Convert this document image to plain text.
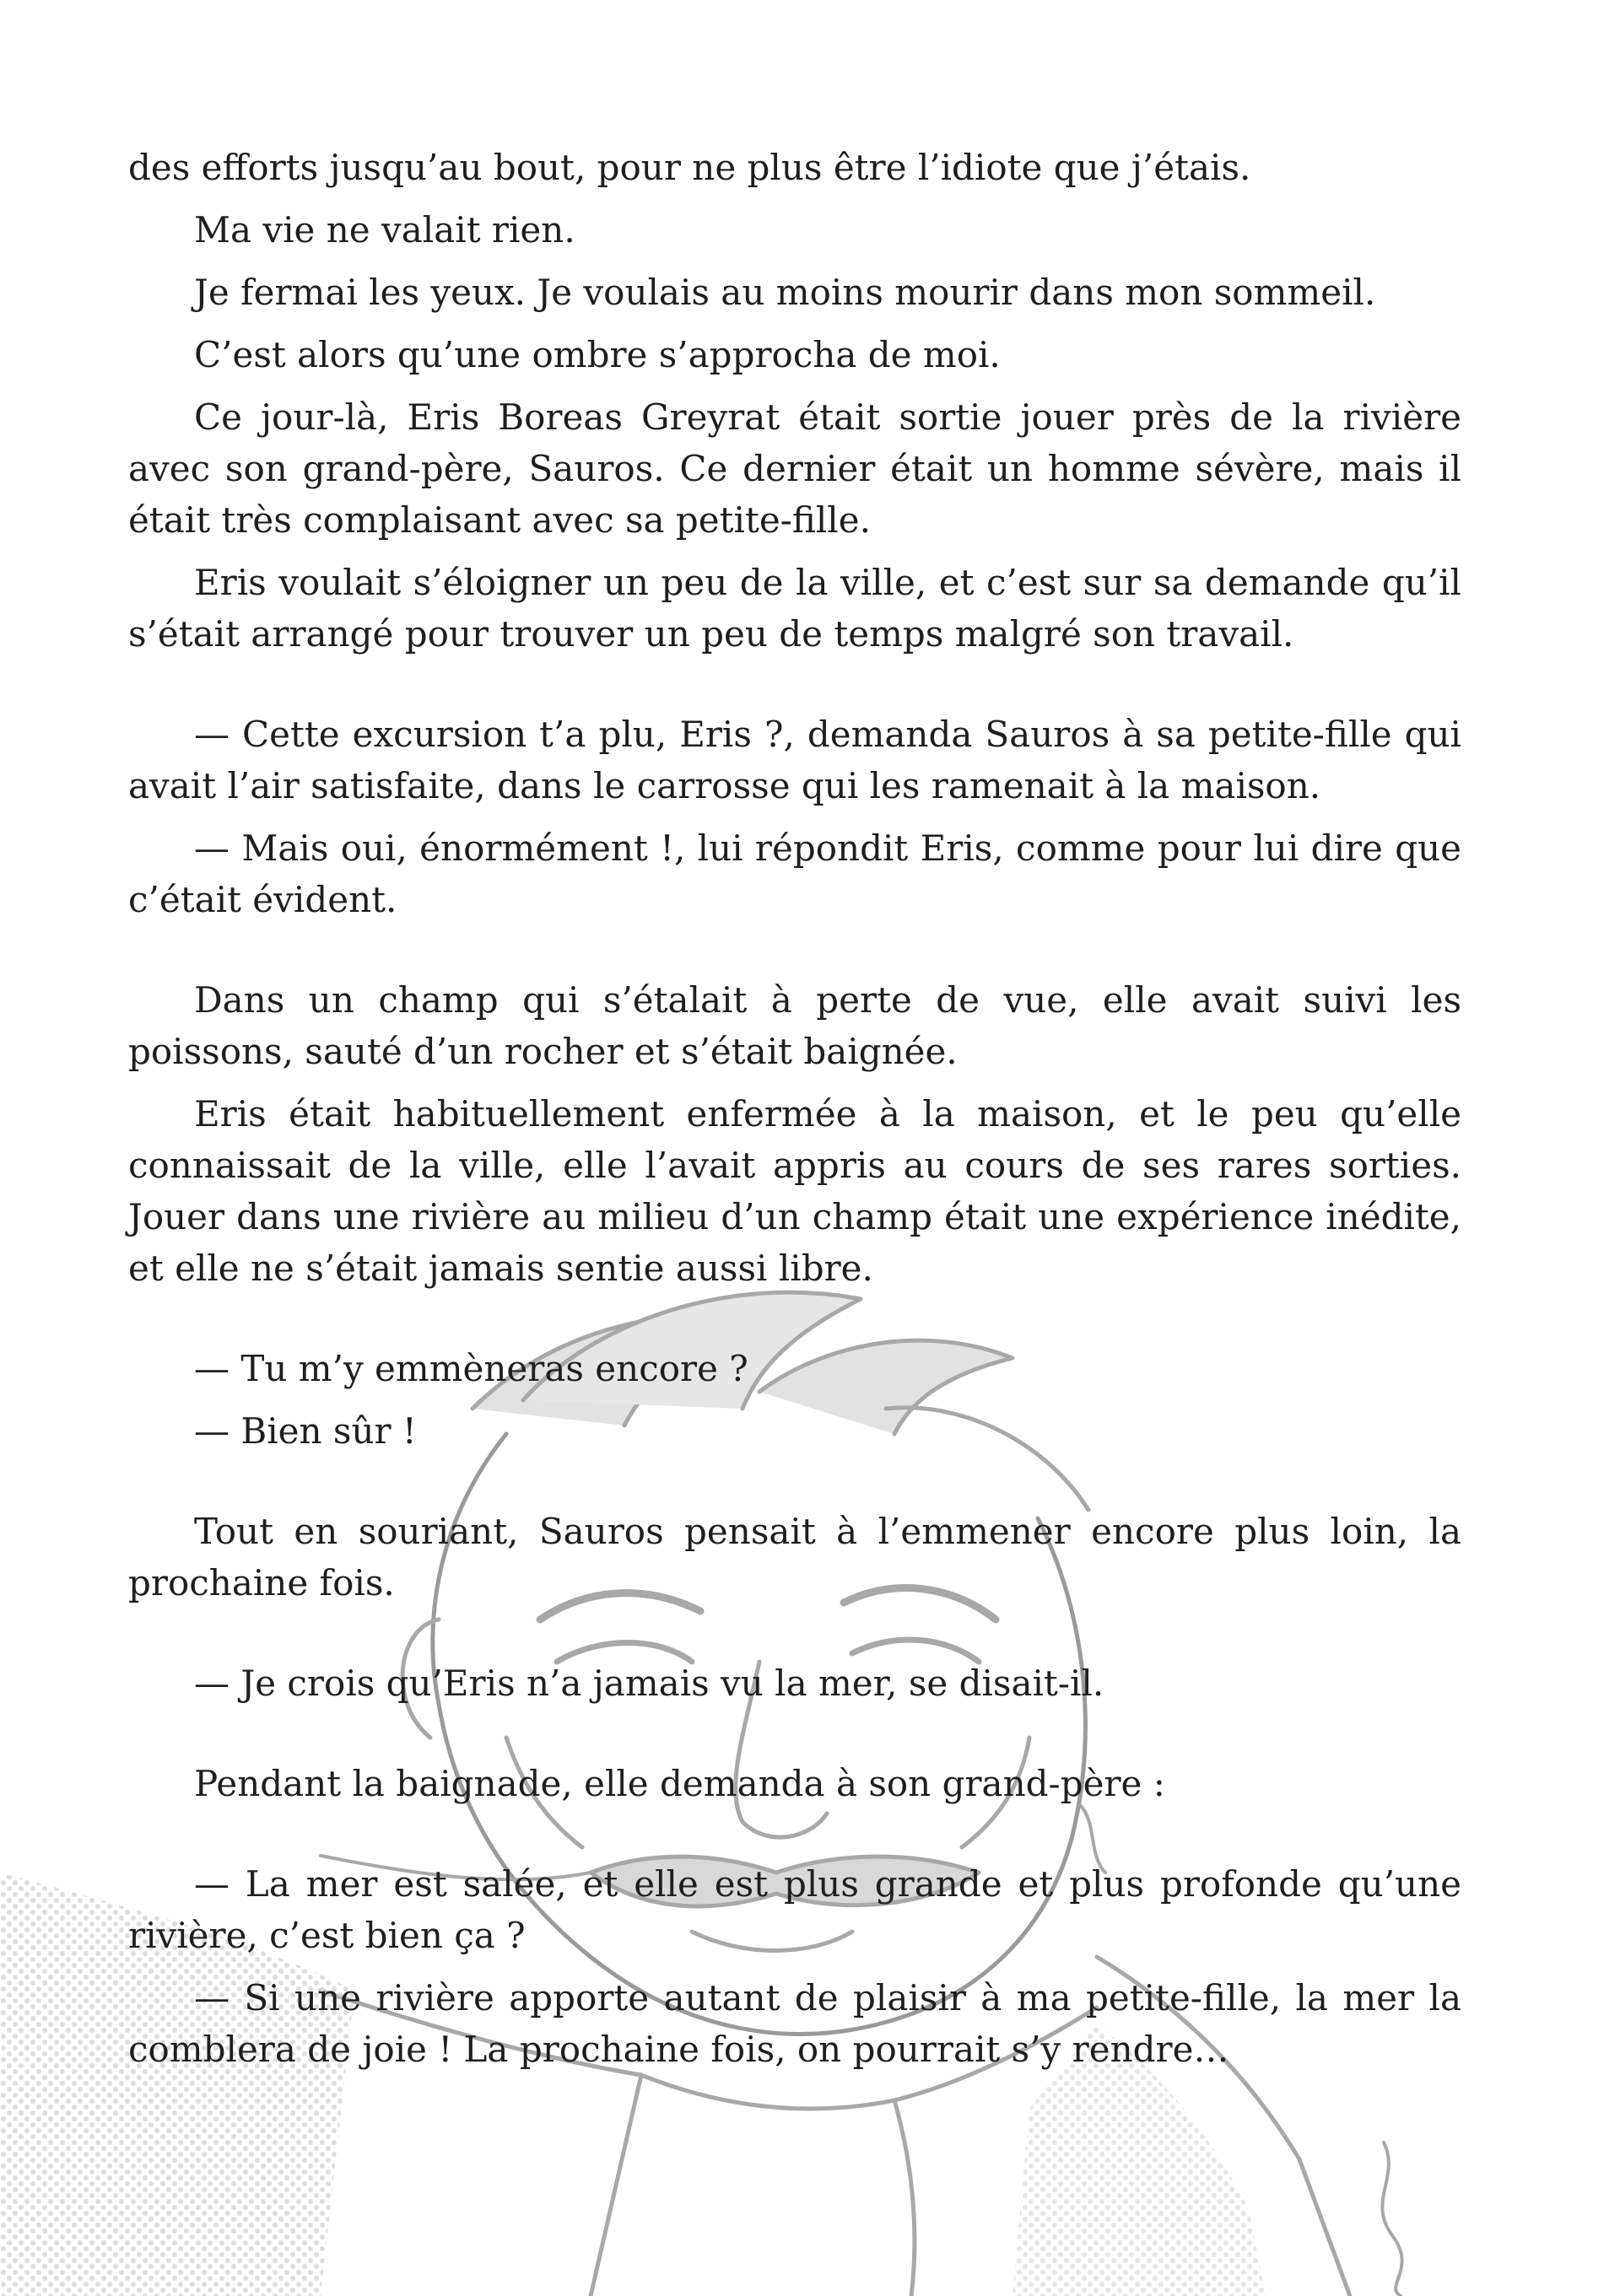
des efforts jusqu’au bout, pour ne plus être l’idiote que j’étais.

Ma vie ne valait rien.

Je fermai les yeux. Je voulais au moins mourir dans mon sommeil.

C’est alors qu’une ombre s’approcha de moi.

Ce jour-là, Eris Boreas Greyrat était sortie jouer près de la rivière avec son grand-père, Sauros. Ce dernier était un homme sévère, mais il était très complaisant avec sa petite-fille.

Eris voulait s’éloigner un peu de la ville, et c’est sur sa demande qu’il s’était arrangé pour trouver un peu de temps malgré son travail.

— Cette excursion t’a plu, Eris ?, demanda Sauros à sa petite-fille qui avait l’air satisfaite, dans le carrosse qui les ramenait à la maison.

— Mais oui, énormément !, lui répondit Eris, comme pour lui dire que c’était évident.

Dans un champ qui s’étalait à perte de vue, elle avait suivi les poissons, sauté d’un rocher et s’était baignée.

Eris était habituellement enfermée à la maison, et le peu qu’elle connaissait de la ville, elle l’avait appris au cours de ses rares sorties. Jouer dans une rivière au milieu d’un champ était une expérience inédite, et elle ne s’était jamais sentie aussi libre.

— Tu m’y emmèneras encore ?

— Bien sûr !

Tout en souriant, Sauros pensait à l’emmener encore plus loin, la prochaine fois.

— Je crois qu’Eris n’a jamais vu la mer, se disait-il.

Pendant la baignade, elle demanda à son grand-père :

— La mer est salée, et elle est plus grande et plus profonde qu’une rivière, c’est bien ça ?

— Si une rivière apporte autant de plaisir à ma petite-fille, la mer la comblera de joie ! La prochaine fois, on pourrait s’y rendre…
